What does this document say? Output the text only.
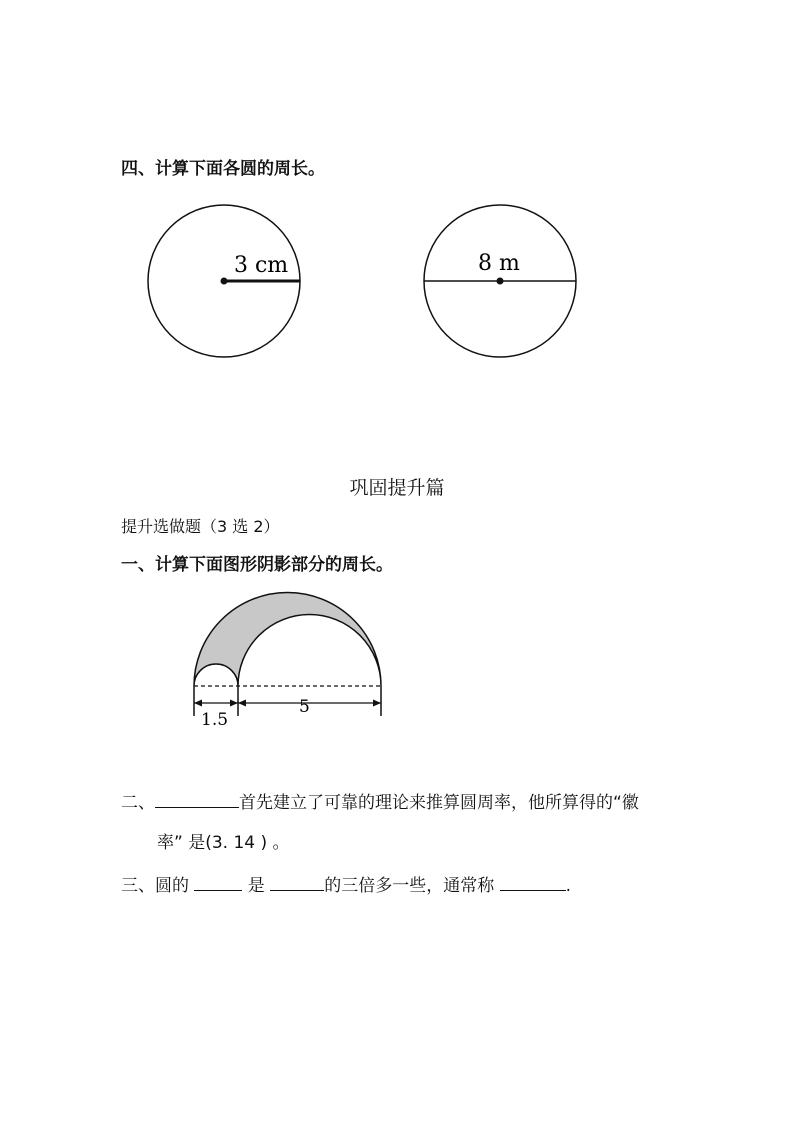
四、计算下面各圆的周长。
3 cm	8 m
巩固提升篇
提升选做题（3 选 2）
一、计算下面图形阴影部分的周长。
1.5
5
二、	首先建立了可靠的理论来推算圆周率，他所算得的“徽
率” 是(3. 14 ) 。
三、圆的	是	的三倍多一些，通常称	.
